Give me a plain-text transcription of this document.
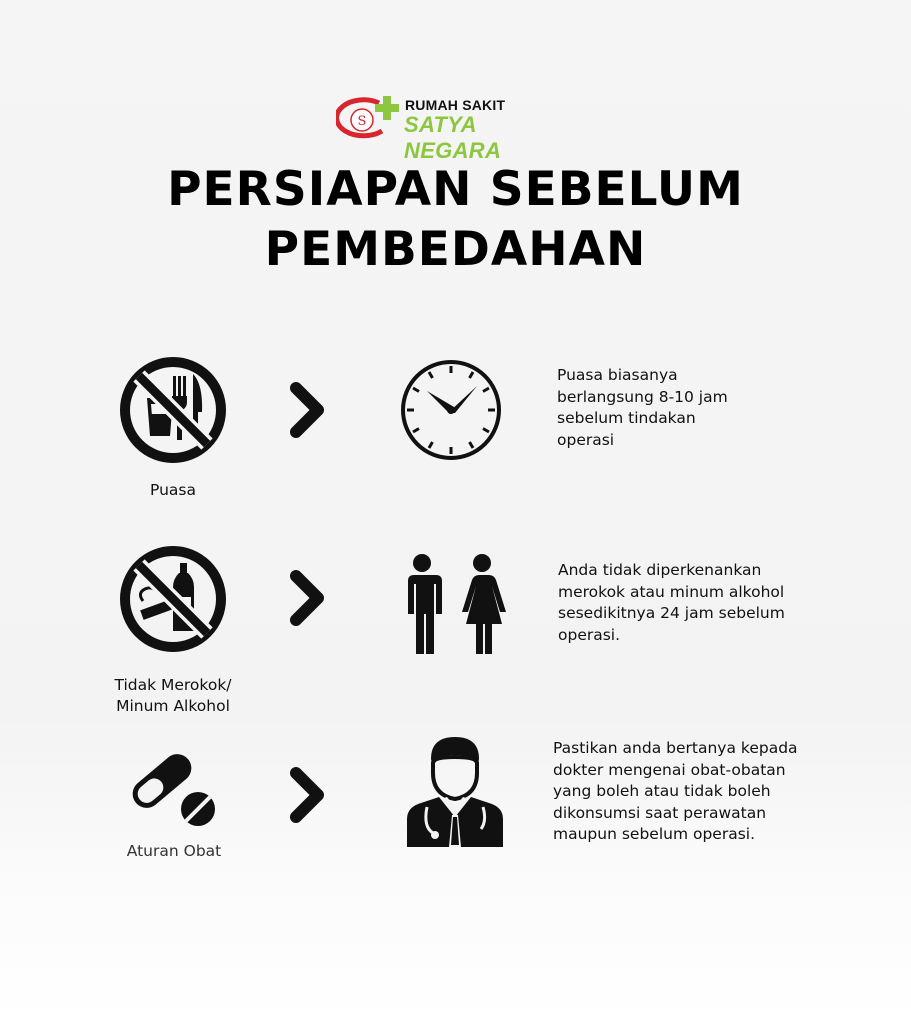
S
RUMAH SAKIT
SATYA NEGARA
PERSIAPAN SEBELUM
PEMBEDAHAN
Puasa
Puasa biasanya
berlangsung 8-10 jam
sebelum tindakan
operasi
Tidak Merokok/
Minum Alkohol
Anda tidak diperkenankan
merokok atau minum alkohol
sesedikitnya 24 jam sebelum
operasi.
Aturan Obat
Pastikan anda bertanya kepada
dokter mengenai obat-obatan
yang boleh atau tidak boleh
dikonsumsi saat perawatan
maupun sebelum operasi.
